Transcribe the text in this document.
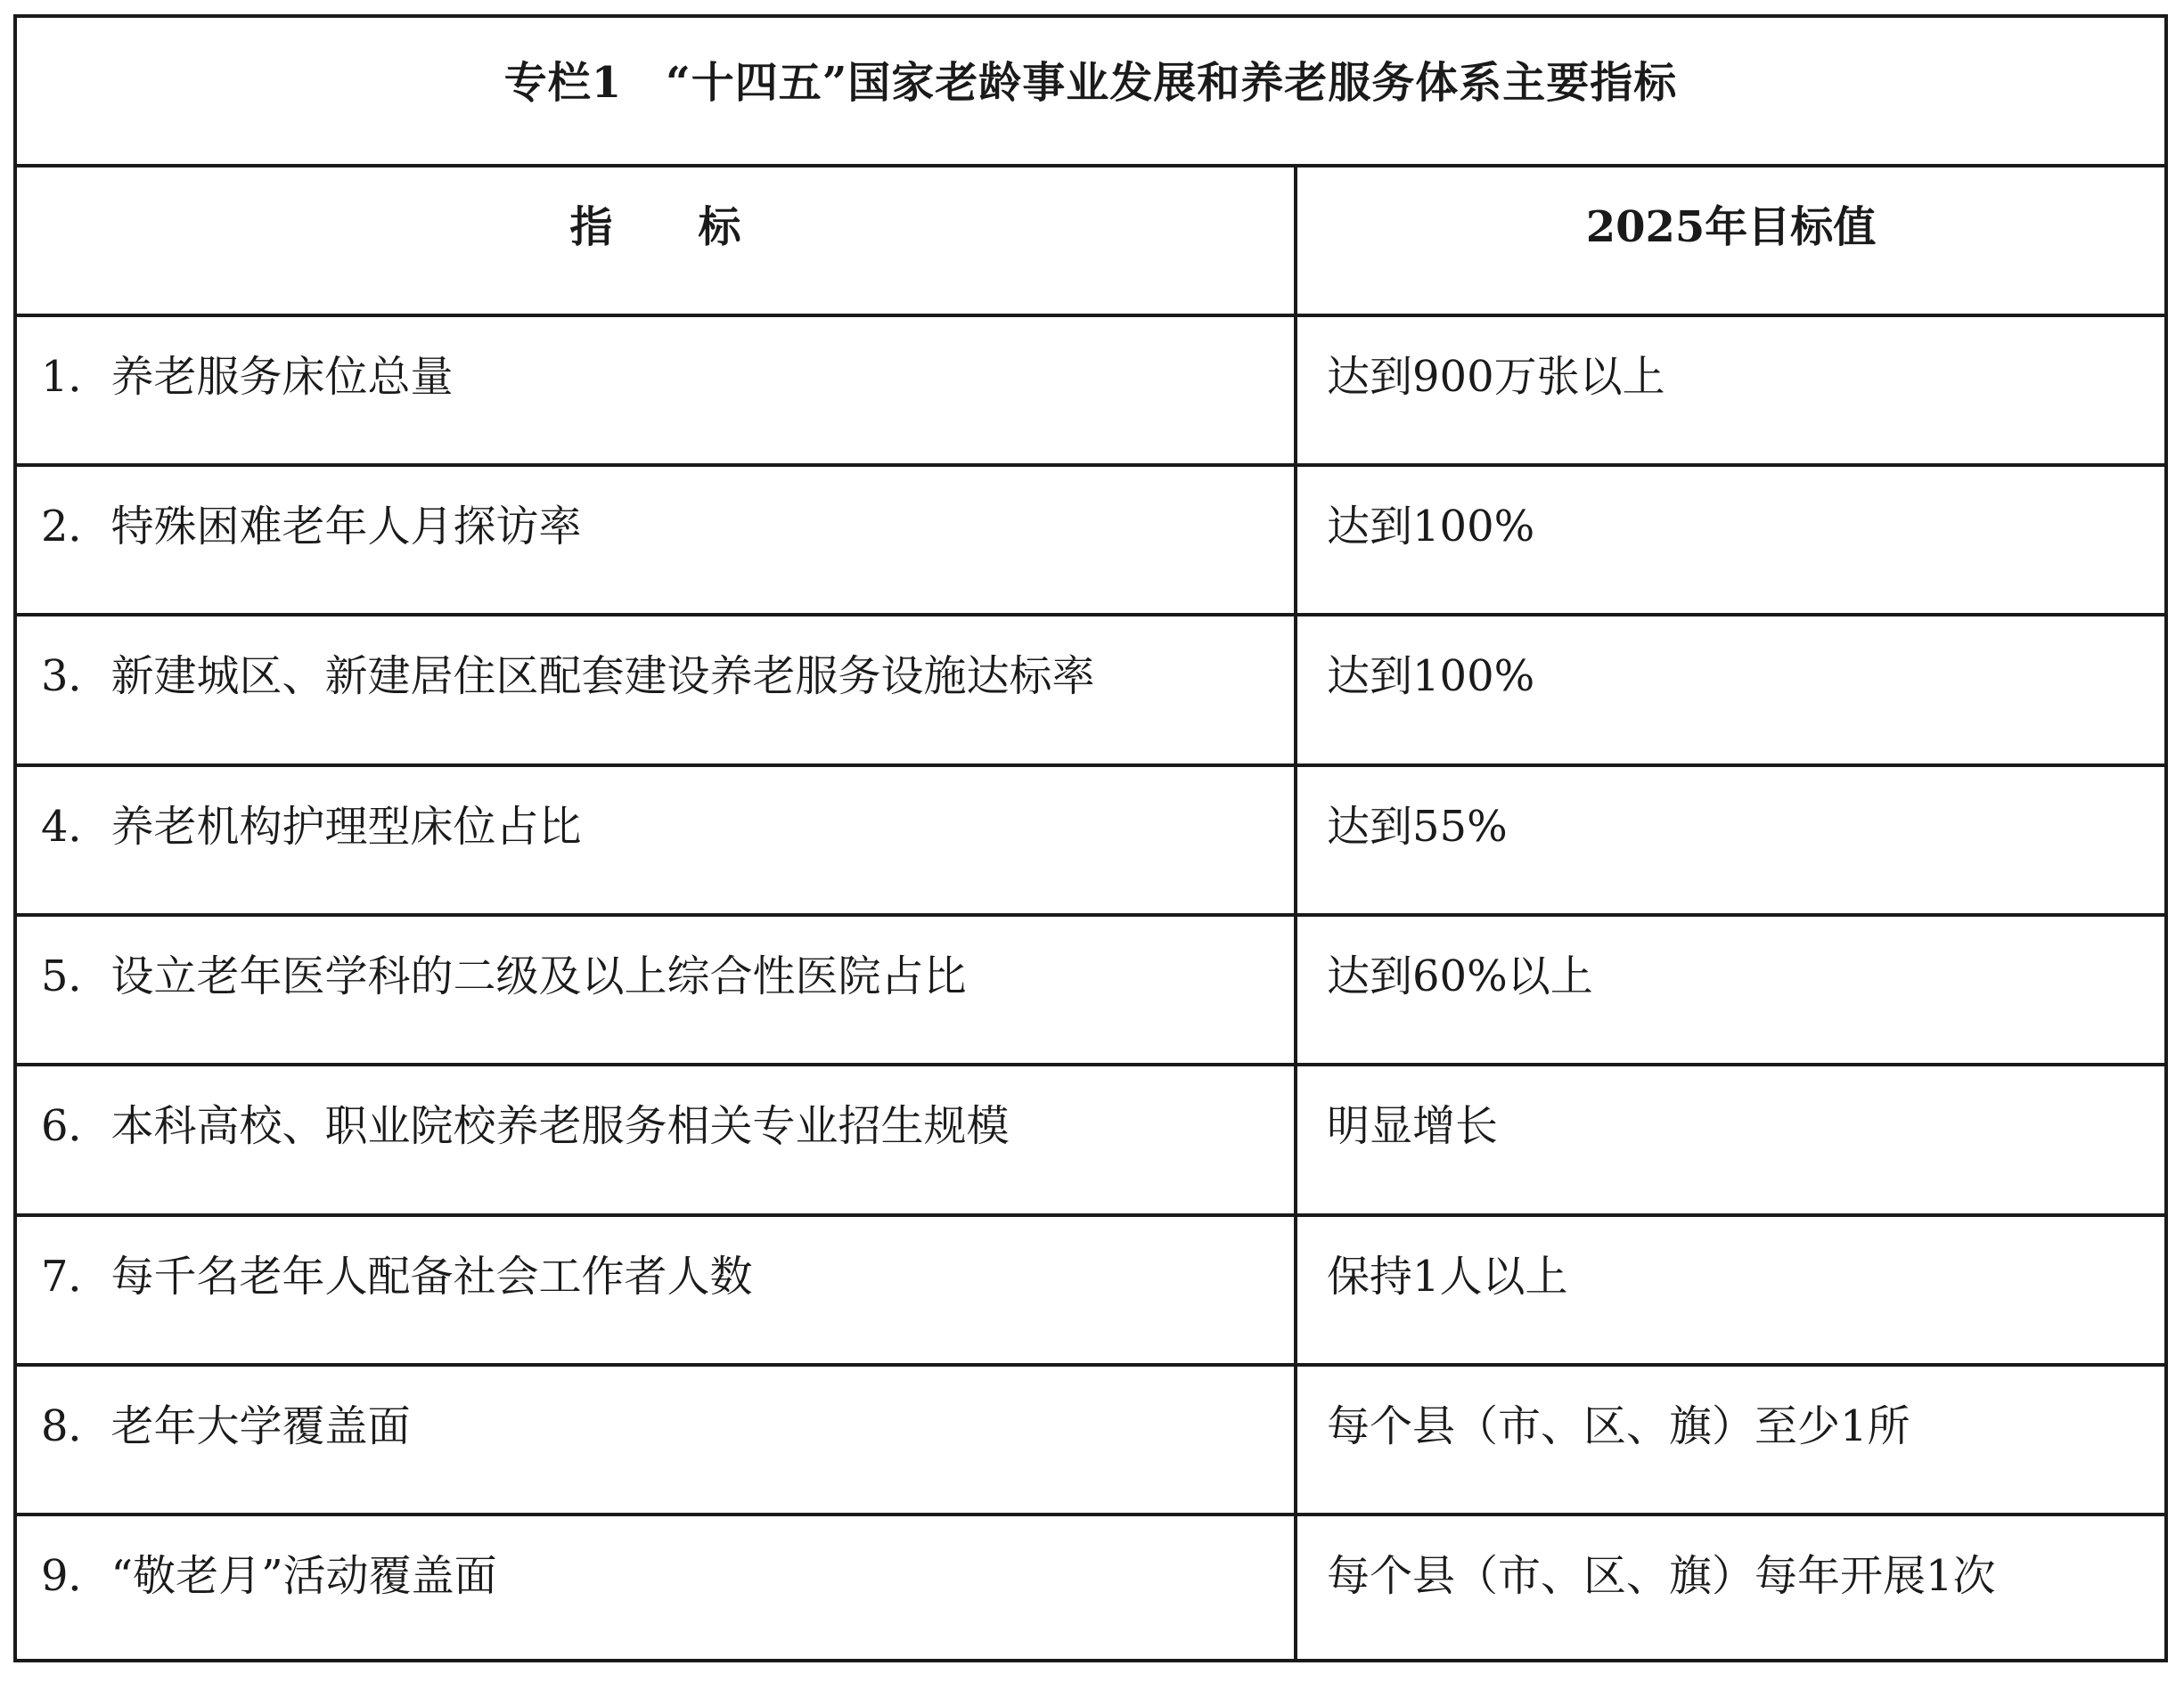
专栏1　“十四五”国家老龄事业发展和养老服务体系主要指标
指　　标	2025年目标值
1．养老服务床位总量	达到900万张以上
2．特殊困难老年人月探访率	达到100%
3．新建城区、新建居住区配套建设养老服务设施达标率	达到100%
4．养老机构护理型床位占比	达到55%
5．设立老年医学科的二级及以上综合性医院占比	达到60%以上
6．本科高校、职业院校养老服务相关专业招生规模	明显增长
7．每千名老年人配备社会工作者人数	保持1人以上
8．老年大学覆盖面	每个县（市、区、旗）至少1所
9．“敬老月”活动覆盖面	每个县（市、区、旗）每年开展1次
